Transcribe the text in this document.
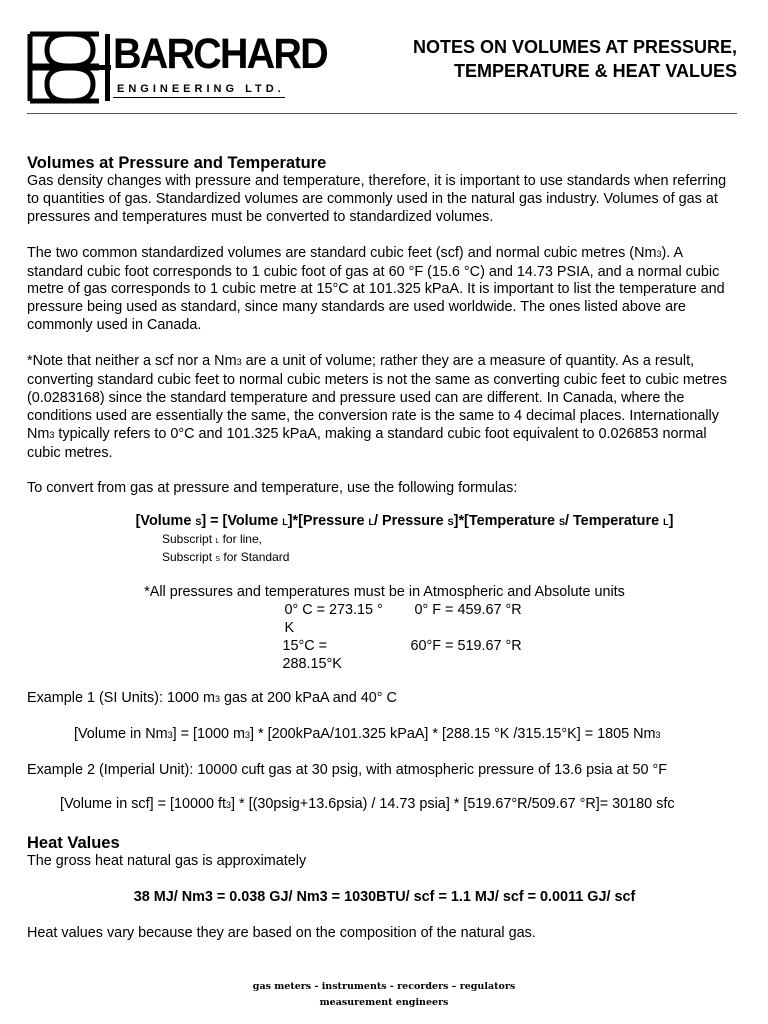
BARCHARD
ENGINEERING LTD.
NOTES ON VOLUMES AT PRESSURE,
TEMPERATURE & HEAT VALUES
Volumes at Pressure and Temperature

Gas density changes with pressure and temperature, therefore, it is important to use standards when referring to quantities of gas. Standardized volumes are commonly used in the natural gas industry. Volumes of gas at pressures and temperatures must be converted to standardized volumes.

The two common standardized volumes are standard cubic feet (scf) and normal cubic metres (Nm3). A standard cubic foot corresponds to 1 cubic foot of gas at 60 °F (15.6 °C) and 14.73 PSIA, and a normal cubic metre of gas corresponds to 1 cubic metre at 15°C at 101.325 kPaA. It is important to list the temperature and pressure being used as standard, since many standards are used worldwide. The ones listed above are commonly used in Canada.

*Note that neither a scf nor a Nm3 are a unit of volume; rather they are a measure of quantity. As a result, converting standard cubic feet to normal cubic meters is not the same as converting cubic feet to cubic metres (0.0283168) since the standard temperature and pressure used can are different. In Canada, where the conditions used are essentially the same, the conversion rate is the same to 4 decimal places. Internationally Nm3 typically refers to 0°C and 101.325 kPaA, making a standard cubic foot equivalent to 0.026853 normal cubic metres.

To convert from gas at pressure and temperature, use the following formulas:

[Volume S] = [Volume L]*[Pressure L/ Pressure S]*[Temperature S/ Temperature L]

Subscript L for line,

Subscript S for Standard

*All pressures and temperatures must be in Atmospheric and Absolute units

0° C = 273.15 ° K
0° F = 459.67 °R
15°C = 288.15°K
60°F = 519.67 °R

Example 1 (SI Units): 1000 m3 gas at 200 kPaA and 40° C

[Volume in Nm3] = [1000 m3] * [200kPaA/101.325 kPaA] * [288.15 °K /315.15°K] = 1805 Nm3

Example 2 (Imperial Unit): 10000 cuft gas at 30 psig, with atmospheric pressure of 13.6 psia at 50 °F

[Volume in scf] = [10000 ft3] * [(30psig+13.6psia) / 14.73 psia] * [519.67°R/509.67 °R]= 30180 sfc

Heat Values

The gross heat natural gas is approximately

38 MJ/ Nm3 = 0.038 GJ/ Nm3 = 1030BTU/ scf = 1.1 MJ/ scf = 0.0011 GJ/ scf

Heat values vary because they are based on the composition of the natural gas.

gas meters - instruments - recorders – regulators
measurement engineers
